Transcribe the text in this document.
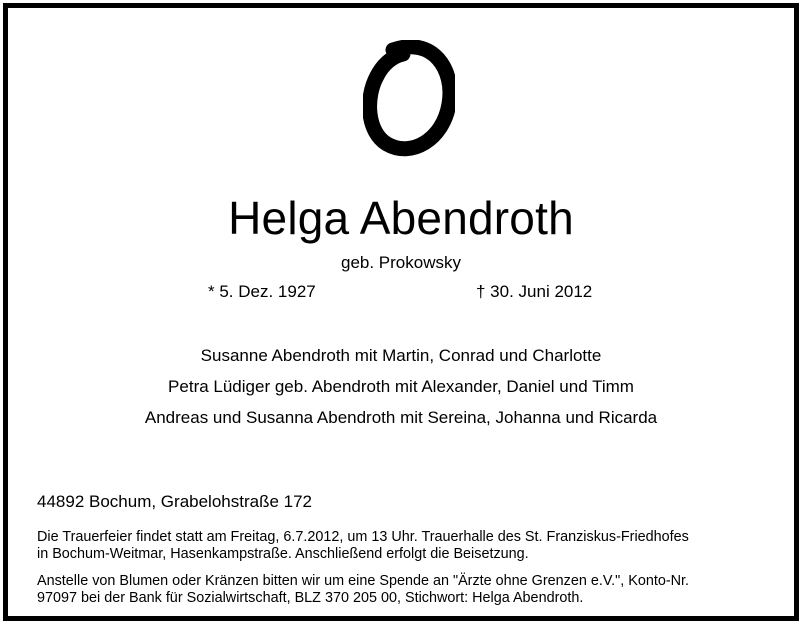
Helga Abendroth
geb. Prokowsky
* 5. Dez. 1927	† 30. Juni 2012
Susanne Abendroth mit Martin, Conrad und Charlotte
Petra Lüdiger geb. Abendroth mit Alexander, Daniel und Timm
Andreas und Susanna Abendroth mit Sereina, Johanna und Ricarda
44892 Bochum, Grabelohstraße 172
Die Trauerfeier findet statt am Freitag, 6.7.2012, um 13 Uhr. Trauerhalle des St. Franziskus-Friedhofes
in Bochum-Weitmar, Hasenkampstraße. Anschließend erfolgt die Beisetzung.
Anstelle von Blumen oder Kränzen bitten wir um eine Spende an "Ärzte ohne Grenzen e.V.", Konto-Nr.
97097 bei der Bank für Sozialwirtschaft, BLZ 370 205 00, Stichwort: Helga Abendroth.
